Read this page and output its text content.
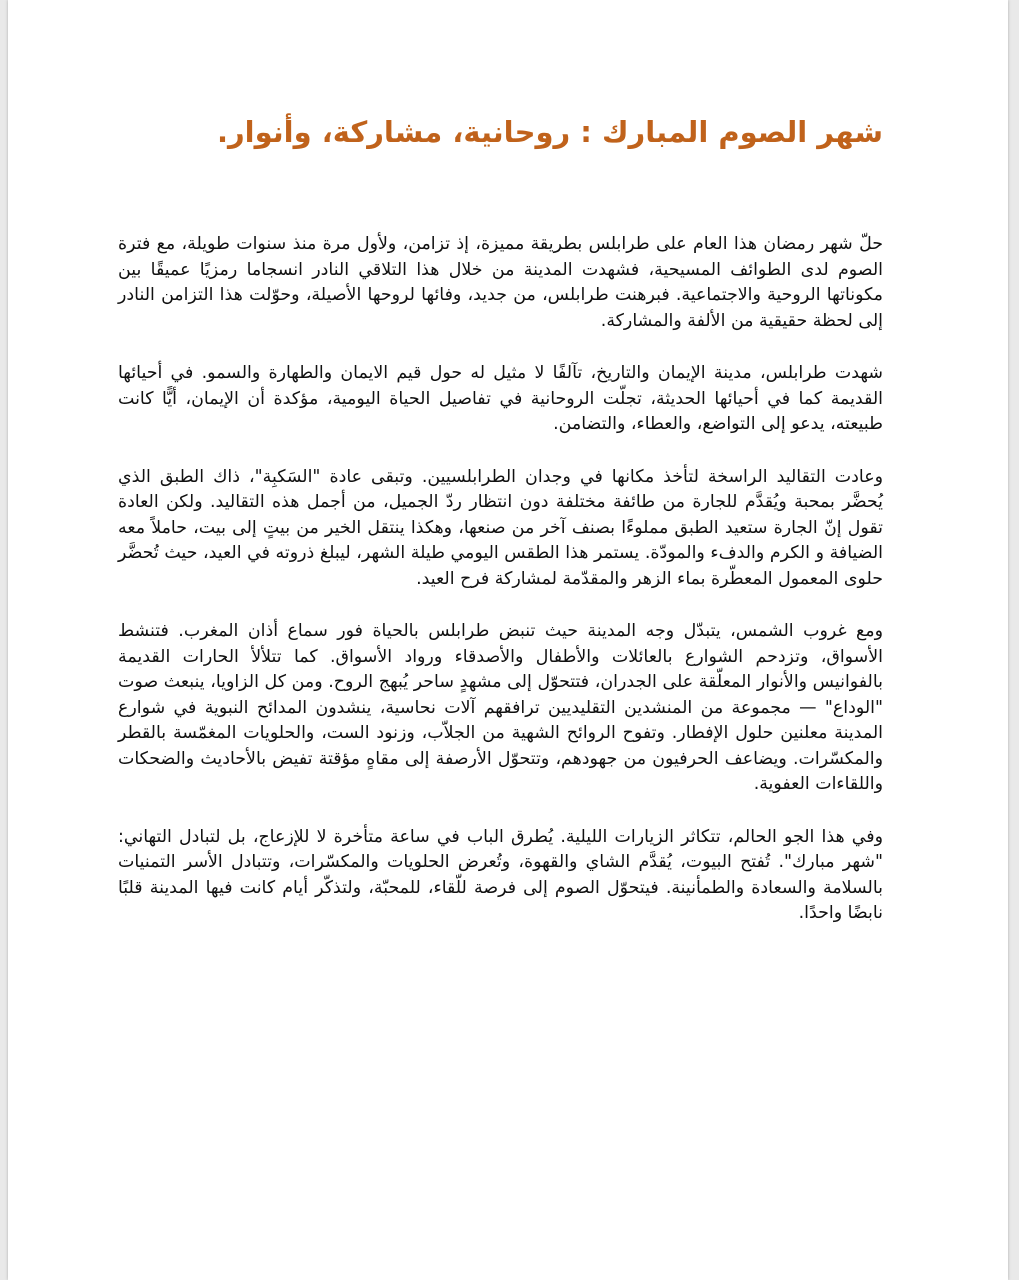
شهر الصوم المبارك : روحانية، مشاركة، وأنوار.

حلّ شهر رمضان هذا العام على طرابلس بطريقة مميزة، إذ تزامن، ولأول مرة منذ سنوات طويلة، مع فترة الصوم لدى الطوائف المسيحية، فشهدت المدينة من خلال هذا التلاقي النادر انسجاما رمزيًا عميقًا بين مكوناتها الروحية والاجتماعية. فبرهنت طرابلس، من جديد، وفائها لروحها الأصيلة، وحوّلت هذا التزامن النادر إلى لحظة حقيقية من الألفة والمشاركة.

شهدت طرابلس، مدينة الإيمان والتاريخ، تآلفًا لا مثيل له حول قيم الايمان والطهارة والسمو. في أحيائها القديمة كما في أحيائها الحديثة، تجلّت الروحانية في تفاصيل الحياة اليومية، مؤكدة أن الإيمان، أيًّا كانت طبيعته، يدعو إلى التواضع، والعطاء، والتضامن.

وعادت التقاليد الراسخة لتأخذ مكانها في وجدان الطرابلسيين. وتبقى عادة "السَكبِة"، ذاك الطبق الذي يُحضَّر بمحبة ويُقدَّم للجارة من طائفة مختلفة دون انتظار ردّ الجميل، من أجمل هذه التقاليد. ولكن العادة تقول إنّ الجارة ستعيد الطبق مملوءًا بصنف آخر من صنعها، وهكذا ينتقل الخير من بيتٍ إلى بيت، حاملاً معه الضيافة و الكرم والدفء والمودّة. يستمر هذا الطقس اليومي طيلة الشهر، ليبلغ ذروته في العيد، حيث تُحضَّر حلوى المعمول المعطّرة بماء الزهر والمقدّمة لمشاركة فرح العيد.

ومع غروب الشمس، يتبدّل وجه المدينة حيث تنبض طرابلس بالحياة فور سماع أذان المغرب. فتنشط الأسواق، وتزدحم الشوارع بالعائلات والأطفال والأصدقاء ورواد الأسواق. كما تتلألأ الحارات القديمة بالفوانيس والأنوار المعلّقة على الجدران، فتتحوّل إلى مشهدٍ ساحر يُبهج الروح. ومن كل الزاويا، ينبعث صوت "الوداع" — مجموعة من المنشدين التقليديين ترافقهم آلات نحاسية، ينشدون المدائح النبوية في شوارع المدينة معلنين حلول الإفطار. وتفوح الروائح الشهية من الجلاّب، وزنود الست، والحلويات المغمّسة بالقطر والمكسّرات. ويضاعف الحرفيون من جهودهم، وتتحوّل الأرصفة إلى مقاهٍ مؤقتة تفيض بالأحاديث والضحكات واللقاءات العفوية.

وفي هذا الجو الحالم، تتكاثر الزيارات الليلية. يُطرق الباب في ساعة متأخرة لا للإزعاج، بل لتبادل التهاني: "شهر مبارك". تُفتح البيوت، يُقدَّم الشاي والقهوة، وتُعرض الحلويات والمكسّرات، وتتبادل الأسر التمنيات بالسلامة والسعادة والطمأنينة. فيتحوّل الصوم إلى فرصة للّقاء، للمحبّة، ولتذكّر أيام كانت فيها المدينة قلبًا نابضًا واحدًا.
